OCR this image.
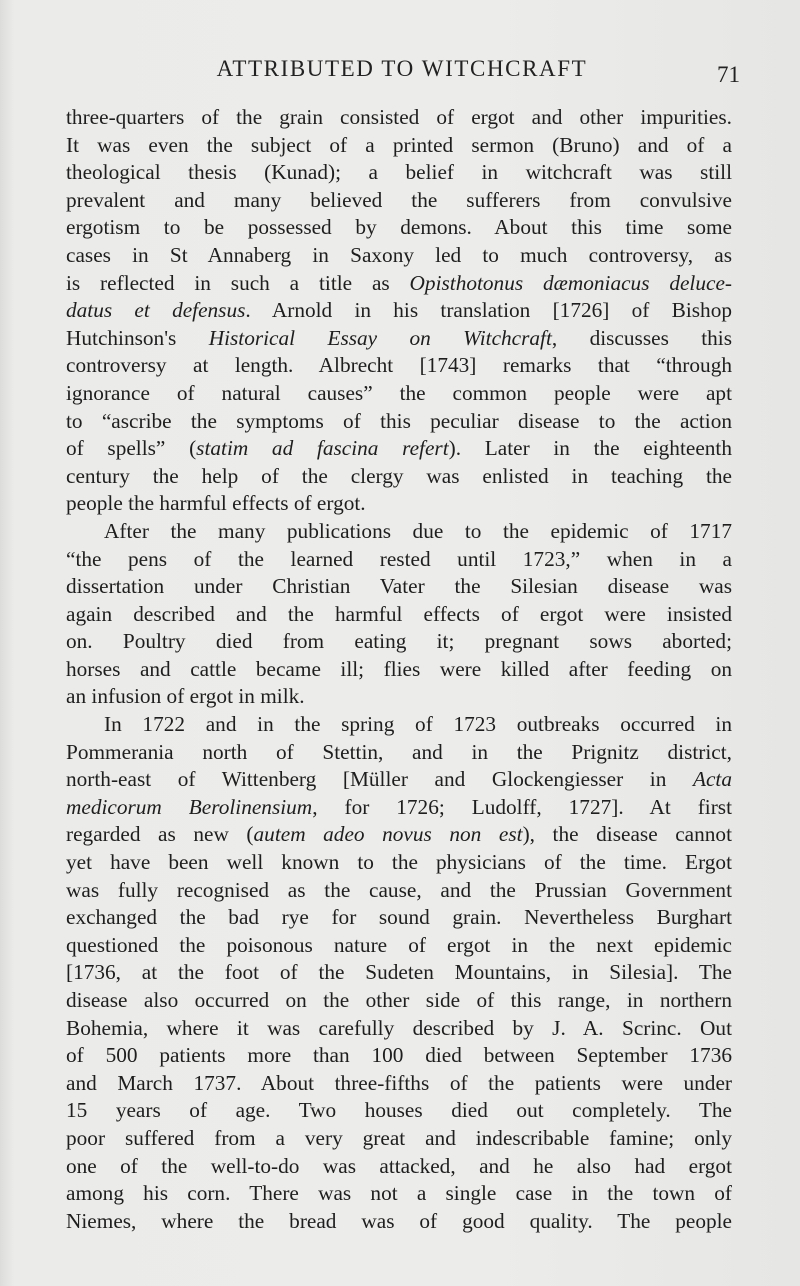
ATTRIBUTED TO WITCHCRAFT	71

three-quarters of the grain consisted of ergot and other impurities.
It was even the subject of a printed sermon (Bruno) and of a
theological thesis (Kunad); a belief in witchcraft was still
prevalent and many believed the sufferers from convulsive
ergotism to be possessed by demons. About this time some
cases in St Annaberg in Saxony led to much controversy, as
is reflected in such a title as Opisthotonus dæmoniacus deluce-
datus et defensus. Arnold in his translation [1726] of Bishop
Hutchinson's Historical Essay on Witchcraft, discusses this
controversy at length. Albrecht [1743] remarks that “through
ignorance of natural causes” the common people were apt
to “ascribe the symptoms of this peculiar disease to the action
of spells” (statim ad fascina refert). Later in the eighteenth
century the help of the clergy was enlisted in teaching the
people the harmful effects of ergot.

After the many publications due to the epidemic of 1717
“the pens of the learned rested until 1723,” when in a
dissertation under Christian Vater the Silesian disease was
again described and the harmful effects of ergot were insisted
on. Poultry died from eating it; pregnant sows aborted;
horses and cattle became ill; flies were killed after feeding on
an infusion of ergot in milk.

In 1722 and in the spring of 1723 outbreaks occurred in
Pommerania north of Stettin, and in the Prignitz district,
north-east of Wittenberg [Müller and Glockengiesser in Acta
medicorum Berolinensium, for 1726; Ludolff, 1727]. At first
regarded as new (autem adeo novus non est), the disease cannot
yet have been well known to the physicians of the time. Ergot
was fully recognised as the cause, and the Prussian Government
exchanged the bad rye for sound grain. Nevertheless Burghart
questioned the poisonous nature of ergot in the next epidemic
[1736, at the foot of the Sudeten Mountains, in Silesia]. The
disease also occurred on the other side of this range, in northern
Bohemia, where it was carefully described by J. A. Scrinc. Out
of 500 patients more than 100 died between September 1736
and March 1737. About three-fifths of the patients were under
15 years of age. Two houses died out completely. The
poor suffered from a very great and indescribable famine; only
one of the well-to-do was attacked, and he also had ergot
among his corn. There was not a single case in the town of
Niemes, where the bread was of good quality. The people
